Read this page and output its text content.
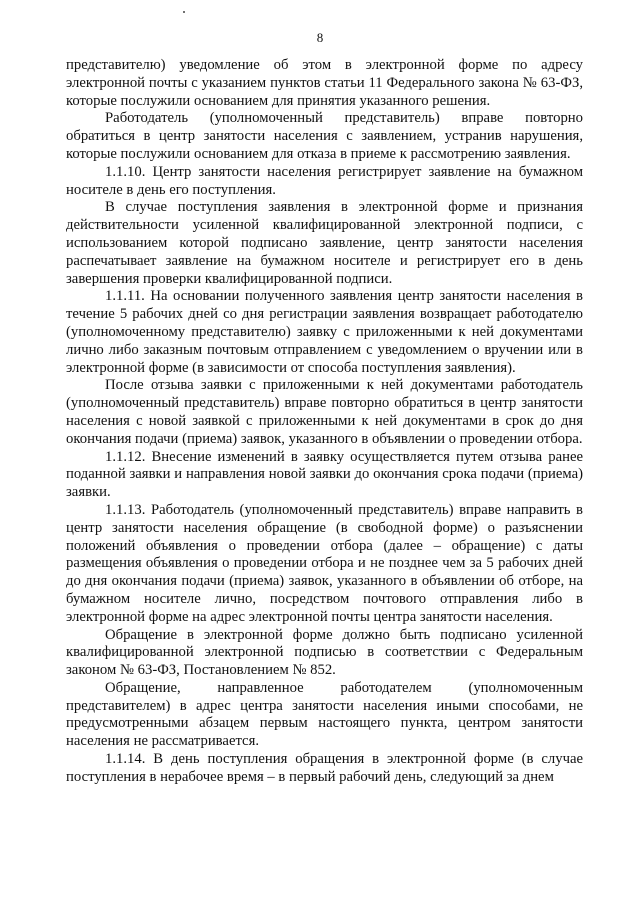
8

представителю) уведомление об этом в электронной форме по адресу электронной почты с указанием пунктов статьи 11 Федерального закона № 63-ФЗ, которые послужили основанием для принятия указанного решения.

Работодатель (уполномоченный представитель) вправе повторно обратиться в центр занятости населения с заявлением, устранив нарушения, которые послужили основанием для отказа в приеме к рассмотрению заявления.

1.1.10. Центр занятости населения регистрирует заявление на бумажном носителе в день его поступления.

В случае поступления заявления в электронной форме и признания действительности усиленной квалифицированной электронной подписи, с использованием которой подписано заявление, центр занятости населения распечатывает заявление на бумажном носителе и регистрирует его в день завершения проверки квалифицированной подписи.

1.1.11. На основании полученного заявления центр занятости населения в течение 5 рабочих дней со дня регистрации заявления возвращает работодателю (уполномоченному представителю) заявку с приложенными к ней документами лично либо заказным почтовым отправлением с уведомлением о вручении или в электронной форме (в зависимости от способа поступления заявления).

После отзыва заявки с приложенными к ней документами работодатель (уполномоченный представитель) вправе повторно обратиться в центр занятости населения с новой заявкой с приложенными к ней документами в срок до дня окончания подачи (приема) заявок, указанного в объявлении о проведении отбора.

1.1.12. Внесение изменений в заявку осуществляется путем отзыва ранее поданной заявки и направления новой заявки до окончания срока подачи (приема) заявки.

1.1.13. Работодатель (уполномоченный представитель) вправе направить в центр занятости населения обращение (в свободной форме) о разъяснении положений объявления о проведении отбора (далее – обращение) с даты размещения объявления о проведении отбора и не позднее чем за 5 рабочих дней до дня окончания подачи (приема) заявок, указанного в объявлении об отборе, на бумажном носителе лично, посредством почтового отправления либо в электронной форме на адрес электронной почты центра занятости населения.

Обращение в электронной форме должно быть подписано усиленной квалифицированной электронной подписью в соответствии с Федеральным законом № 63-ФЗ, Постановлением № 852.

Обращение, направленное работодателем (уполномоченным представителем) в адрес центра занятости населения иными способами, не предусмотренными абзацем первым настоящего пункта, центром занятости населения не рассматривается.

1.1.14. В день поступления обращения в электронной форме (в случае поступления в нерабочее время – в первый рабочий день, следующий за днем
